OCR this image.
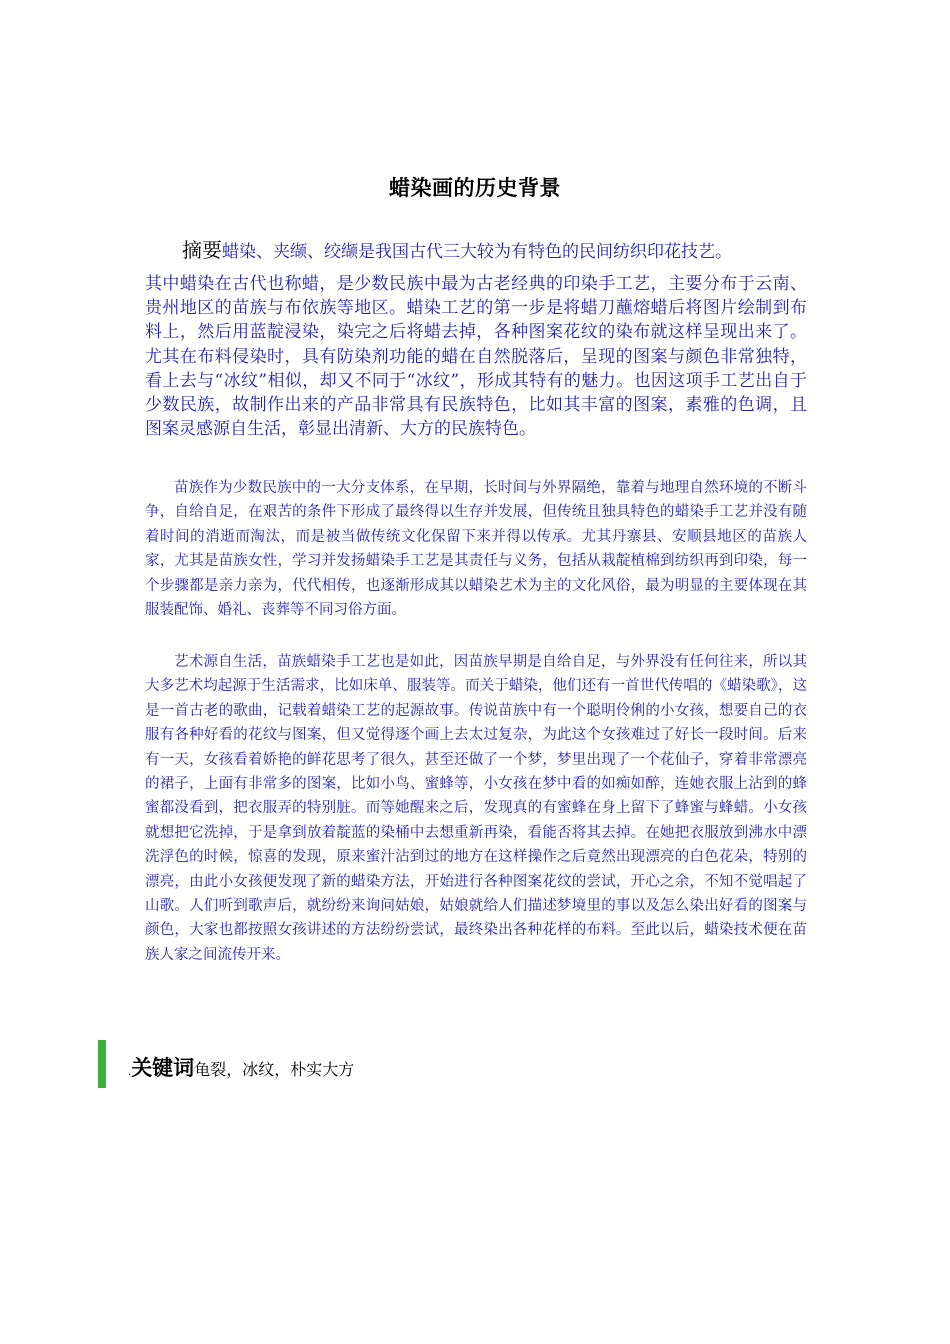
蜡染画的历史背景
摘要蜡染、夹缬、绞缬是我国古代三大较为有特色的民间纺织印花技艺。

其中蜡染在古代也称蜡，是少数民族中最为古老经典的印染手工艺，主要分布于云南、贵州地区的苗族与布依族等地区。蜡染工艺的第一步是将蜡刀蘸熔蜡后将图片绘制到布料上，然后用蓝靛浸染，染完之后将蜡去掉，各种图案花纹的染布就这样呈现出来了。尤其在布料侵染时，具有防染剂功能的蜡在自然脱落后，呈现的图案与颜色非常独特，看上去与“冰纹”相似，却又不同于“冰纹”，形成其特有的魅力。也因这项手工艺出自于少数民族，故制作出来的产品非常具有民族特色，比如其丰富的图案，素雅的色调，且图案灵感源自生活，彰显出清新、大方的民族特色。

苗族作为少数民族中的一大分支体系，在早期，长时间与外界隔绝，靠着与地理自然环境的不断斗争，自给自足，在艰苦的条件下形成了最终得以生存并发展，但传统且独具特色的蜡染手工艺并没有随着时间的消逝而淘汰，而是被当做传统文化保留下来并得以传承。尤其丹寨县、安顺县地区的苗族人家，尤其是苗族女性，学习并发扬蜡染手工艺是其责任与义务，包括从栽靛植棉到纺织再到印染，每一个步骤都是亲力亲为，代代相传，也逐渐形成其以蜡染艺术为主的文化风俗，最为明显的主要体现在其服装配饰、婚礼、丧葬等不同习俗方面。

艺术源自生活，苗族蜡染手工艺也是如此，因苗族早期是自给自足，与外界没有任何往来，所以其大多艺术均起源于生活需求，比如床单、服装等。而关于蜡染，他们还有一首世代传唱的《蜡染歌》，这是一首古老的歌曲，记载着蜡染工艺的起源故事。传说苗族中有一个聪明伶俐的小女孩，想要自己的衣服有各种好看的花纹与图案，但又觉得逐个画上去太过复杂，为此这个女孩难过了好长一段时间。后来有一天，女孩看着娇艳的鲜花思考了很久，甚至还做了一个梦，梦里出现了一个花仙子，穿着非常漂亮的裙子，上面有非常多的图案，比如小鸟、蜜蜂等，小女孩在梦中看的如痴如醉，连她衣服上沾到的蜂蜜都没看到，把衣服弄的特别脏。而等她醒来之后，发现真的有蜜蜂在身上留下了蜂蜜与蜂蜡。小女孩就想把它洗掉，于是拿到放着靛蓝的染桶中去想重新再染，看能否将其去掉。在她把衣服放到沸水中漂洗浮色的时候，惊喜的发现，原来蜜汁沾到过的地方在这样操作之后竟然出现漂亮的白色花朵，特别的漂亮，由此小女孩便发现了新的蜡染方法，开始进行各种图案花纹的尝试，开心之余，不知不觉唱起了山歌。人们听到歌声后，就纷纷来询问姑娘，姑娘就给人们描述梦境里的事以及怎么染出好看的图案与颜色，大家也都按照女孩讲述的方法纷纷尝试，最终染出各种花样的布料。至此以后，蜡染技术便在苗族人家之间流传开来。

.关键词龟裂，冰纹，朴实大方
